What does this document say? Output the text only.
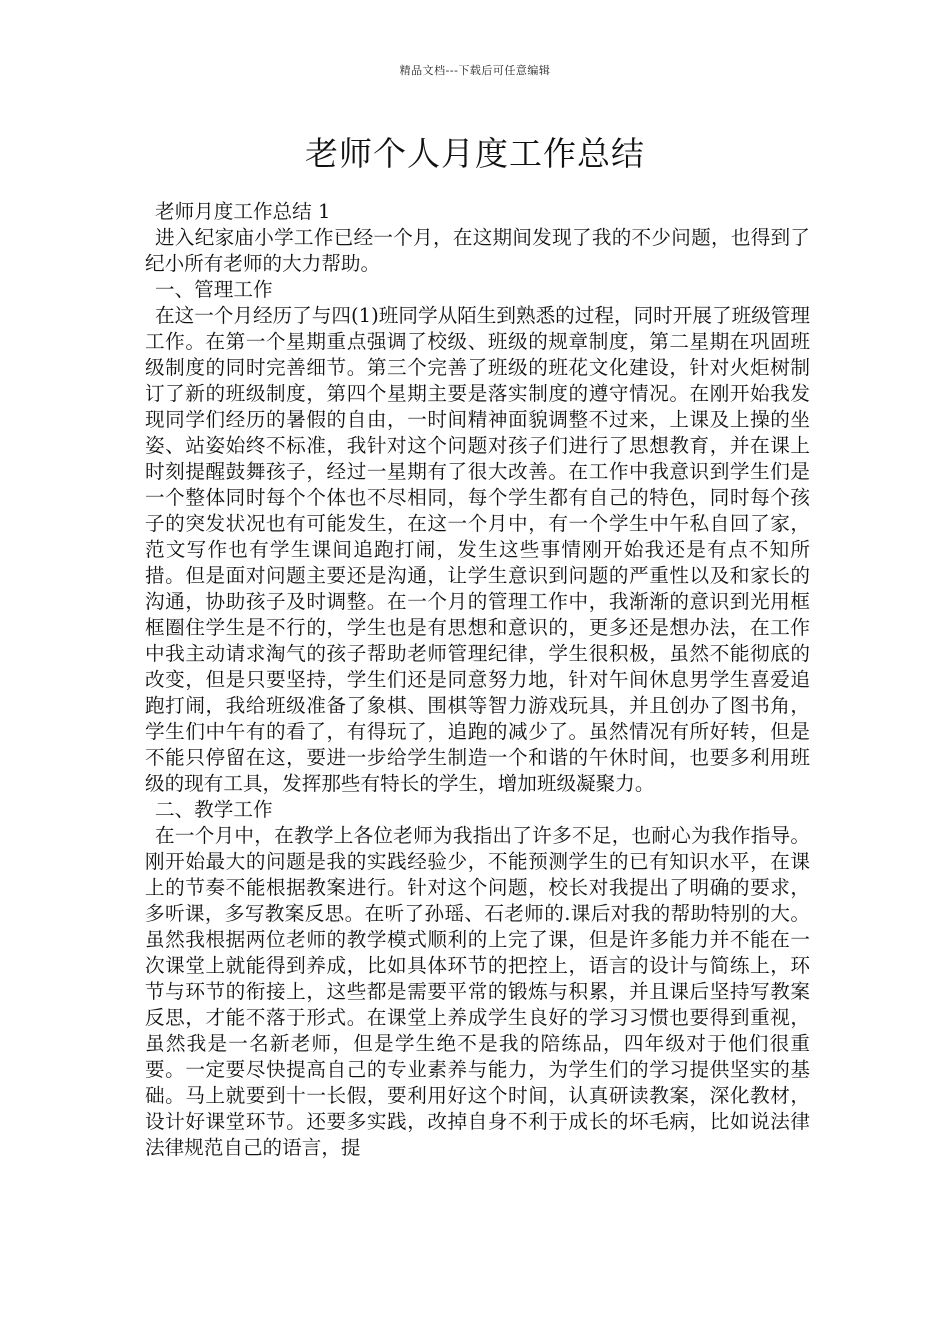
精品文档---下载后可任意编辑
老师个人月度工作总结

老师月度工作总结 1

进入纪家庙小学工作已经一个月，在这期间发现了我的不少问题，也得到了纪小所有老师的大力帮助。

一、管理工作

在这一个月经历了与四(1)班同学从陌生到熟悉的过程，同时开展了班级管理工作。在第一个星期重点强调了校级、班级的规章制度，第二星期在巩固班级制度的同时完善细节。第三个完善了班级的班花文化建设，针对火炬树制订了新的班级制度，第四个星期主要是落实制度的遵守情况。在刚开始我发现同学们经历的暑假的自由，一时间精神面貌调整不过来，上课及上操的坐姿、站姿始终不标准，我针对这个问题对孩子们进行了思想教育，并在课上时刻提醒鼓舞孩子，经过一星期有了很大改善。在工作中我意识到学生们是一个整体同时每个个体也不尽相同，每个学生都有自己的特色，同时每个孩子的突发状况也有可能发生，在这一个月中，有一个学生中午私自回了家，范文写作也有学生课间追跑打闹，发生这些事情刚开始我还是有点不知所措。但是面对问题主要还是沟通，让学生意识到问题的严重性以及和家长的沟通，协助孩子及时调整。在一个月的管理工作中，我渐渐的意识到光用框框圈住学生是不行的，学生也是有思想和意识的，更多还是想办法，在工作中我主动请求淘气的孩子帮助老师管理纪律，学生很积极，虽然不能彻底的改变，但是只要坚持，学生们还是同意努力地，针对午间休息男学生喜爱追跑打闹，我给班级准备了象棋、围棋等智力游戏玩具，并且创办了图书角，学生们中午有的看了，有得玩了，追跑的减少了。虽然情况有所好转，但是不能只停留在这，要进一步给学生制造一个和谐的午休时间，也要多利用班级的现有工具，发挥那些有特长的学生，增加班级凝聚力。

二、教学工作

在一个月中，在教学上各位老师为我指出了许多不足，也耐心为我作指导。刚开始最大的问题是我的实践经验少，不能预测学生的已有知识水平，在课上的节奏不能根据教案进行。针对这个问题，校长对我提出了明确的要求，多听课，多写教案反思。在听了孙瑶、石老师的.课后对我的帮助特别的大。虽然我根据两位老师的教学模式顺利的上完了课，但是许多能力并不能在一次课堂上就能得到养成，比如具体环节的把控上，语言的设计与简练上，环节与环节的衔接上，这些都是需要平常的锻炼与积累，并且课后坚持写教案反思，才能不落于形式。在课堂上养成学生良好的学习习惯也要得到重视，虽然我是一名新老师，但是学生绝不是我的陪练品，四年级对于他们很重要。一定要尽快提高自己的专业素养与能力，为学生们的学习提供坚实的基础。马上就要到十一长假，要利用好这个时间，认真研读教案，深化教材，设计好课堂环节。还要多实践，改掉自身不利于成长的坏毛病，比如说法律法律规范自己的语言，提
